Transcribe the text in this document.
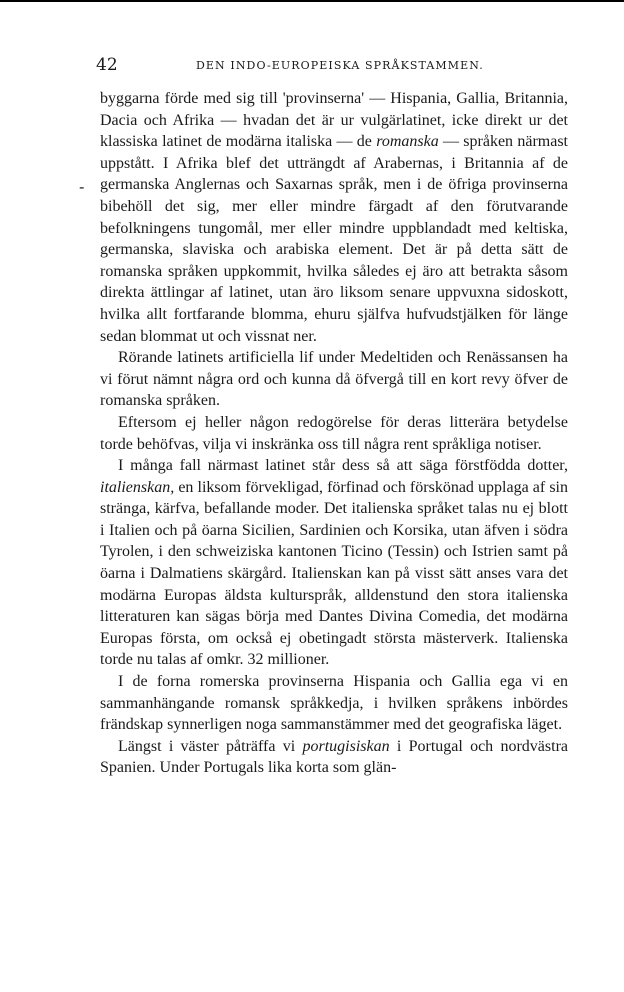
42	DEN INDO-EUROPEISKA SPRÅKSTAMMEN.
-

byggarna förde med sig till 'provinserna' — Hispania, Gallia, Britannia, Dacia och Afrika — hvadan det är ur vulgärlatinet, icke direkt ur det klassiska latinet de modärna italiska — de romanska — språken närmast uppstått. I Afrika blef det utträngdt af Arabernas, i Britannia af de germanska Anglernas och Saxarnas språk, men i de öfriga provinserna bibehöll det sig, mer eller mindre färgadt af den förutvarande befolkningens tungomål, mer eller mindre uppblandadt med keltiska, germanska, slaviska och arabiska element. Det är på detta sätt de romanska språken uppkommit, hvilka således ej äro att betrakta såsom direkta ättlingar af latinet, utan äro liksom senare uppvuxna sidoskott, hvilka allt fortfarande blomma, ehuru själfva hufvudstjälken för länge sedan blommat ut och vissnat ner.

Rörande latinets artificiella lif under Medeltiden och Renässansen ha vi förut nämnt några ord och kunna då öfvergå till en kort revy öfver de romanska språken.

Eftersom ej heller någon redogörelse för deras litterära betydelse torde behöfvas, vilja vi inskränka oss till några rent språkliga notiser.

I många fall närmast latinet står dess så att säga förstfödda dotter, italienskan, en liksom förvekligad, förfinad och förskönad upplaga af sin stränga, kärfva, befallande moder. Det italienska språket talas nu ej blott i Italien och på öarna Sicilien, Sardinien och Korsika, utan äfven i södra Tyrolen, i den schweiziska kantonen Ticino (Tessin) och Istrien samt på öarna i Dalmatiens skärgård. Italienskan kan på visst sätt anses vara det modärna Europas äldsta kulturspråk, alldenstund den stora italienska litteraturen kan sägas börja med Dantes Divina Comedia, det modärna Europas första, om också ej obetingadt största mästerverk. Italienska torde nu talas af omkr. 32 millioner.

I de forna romerska provinserna Hispania och Gallia ega vi en sammanhängande romansk språkkedja, i hvilken språkens inbördes frändskap synnerligen noga sammanstämmer med det geografiska läget.

Längst i väster påträffa vi portugisiskan i Portugal och nordvästra Spanien. Under Portugals lika korta som glän-
